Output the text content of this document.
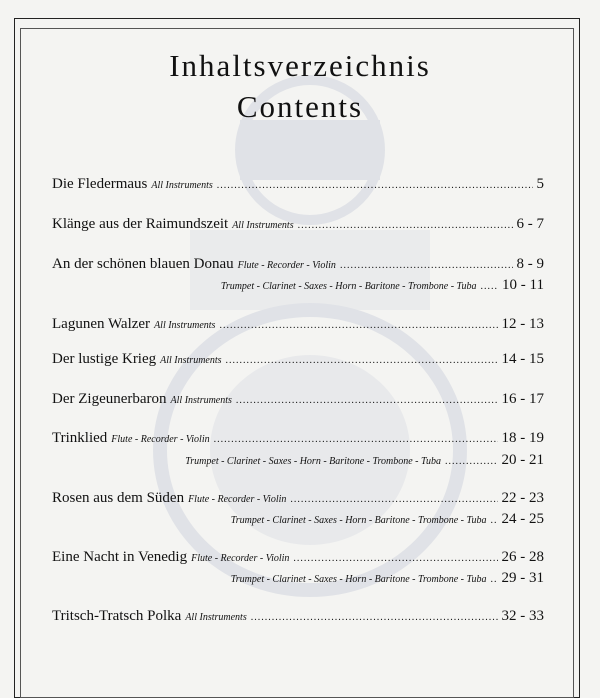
Inhaltsverzeichnis
Contents
Die Fledermaus All Instruments .....	5
Klänge aus der Raimundszeit All Instruments .....	6 - 7
An der schönen blauen Donau Flute - Recorder - Violin .....	8 - 9
Trumpet - Clarinet - Saxes - Horn - Baritone - Trombone - Tuba ..... 10 - 11
Lagunen Walzer All Instruments .....	12 - 13
Der lustige Krieg All Instruments .....	14 - 15
Der Zigeunerbaron All Instruments .....	16 - 17
Trinklied Flute - Recorder - Violin .....	18 - 19
Trumpet - Clarinet - Saxes - Horn - Baritone - Trombone - Tuba ............... 20 - 21
Rosen aus dem Süden Flute - Recorder - Violin .....	22 - 23
Trumpet - Clarinet - Saxes - Horn - Baritone - Trombone - Tuba .. 24 - 25
Eine Nacht in Venedig Flute - Recorder - Violin .....	26 - 28
Trumpet - Clarinet - Saxes - Horn - Baritone - Trombone - Tuba .. 29 - 31
Tritsch-Tratsch Polka All Instruments .....	32 - 33
